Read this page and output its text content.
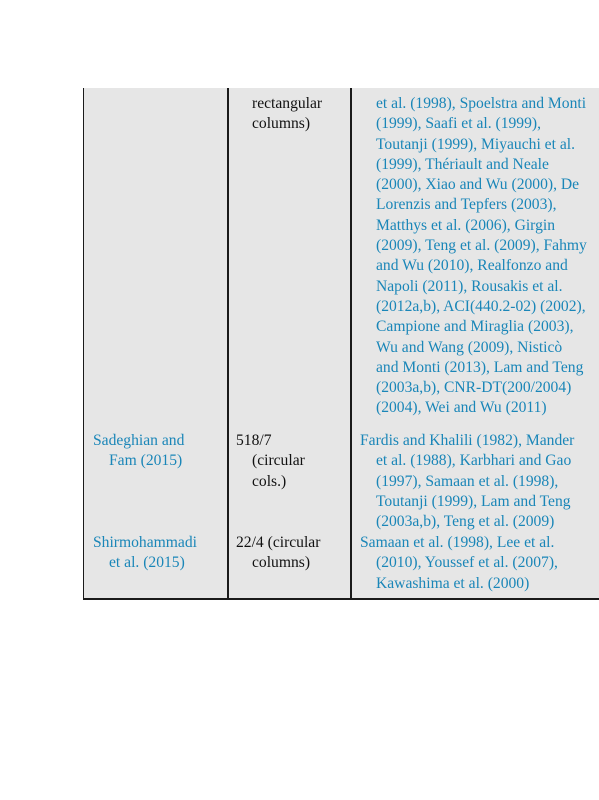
rectangular
columns)
et al. (1998), Spoelstra and Monti
(1999), Saafi et al. (1999),
Toutanji (1999), Miyauchi et al.
(1999), Thériault and Neale
(2000), Xiao and Wu (2000), De
Lorenzis and Tepfers (2003),
Matthys et al. (2006), Girgin
(2009), Teng et al. (2009), Fahmy
and Wu (2010), Realfonzo and
Napoli (2011), Rousakis et al.
(2012a,b), ACI(440.2-02) (2002),
Campione and Miraglia (2003),
Wu and Wang (2009), Nisticò
and Monti (2013), Lam and Teng
(2003a,b), CNR-DT(200/2004)
(2004), Wei and Wu (2011)
Sadeghian and
Fam (2015)
518/7
(circular
cols.)
Fardis and Khalili (1982), Mander
et al. (1988), Karbhari and Gao
(1997), Samaan et al. (1998),
Toutanji (1999), Lam and Teng
(2003a,b), Teng et al. (2009)
Shirmohammadi
et al. (2015)
22/4 (circular
columns)
Samaan et al. (1998), Lee et al.
(2010), Youssef et al. (2007),
Kawashima et al. (2000)
